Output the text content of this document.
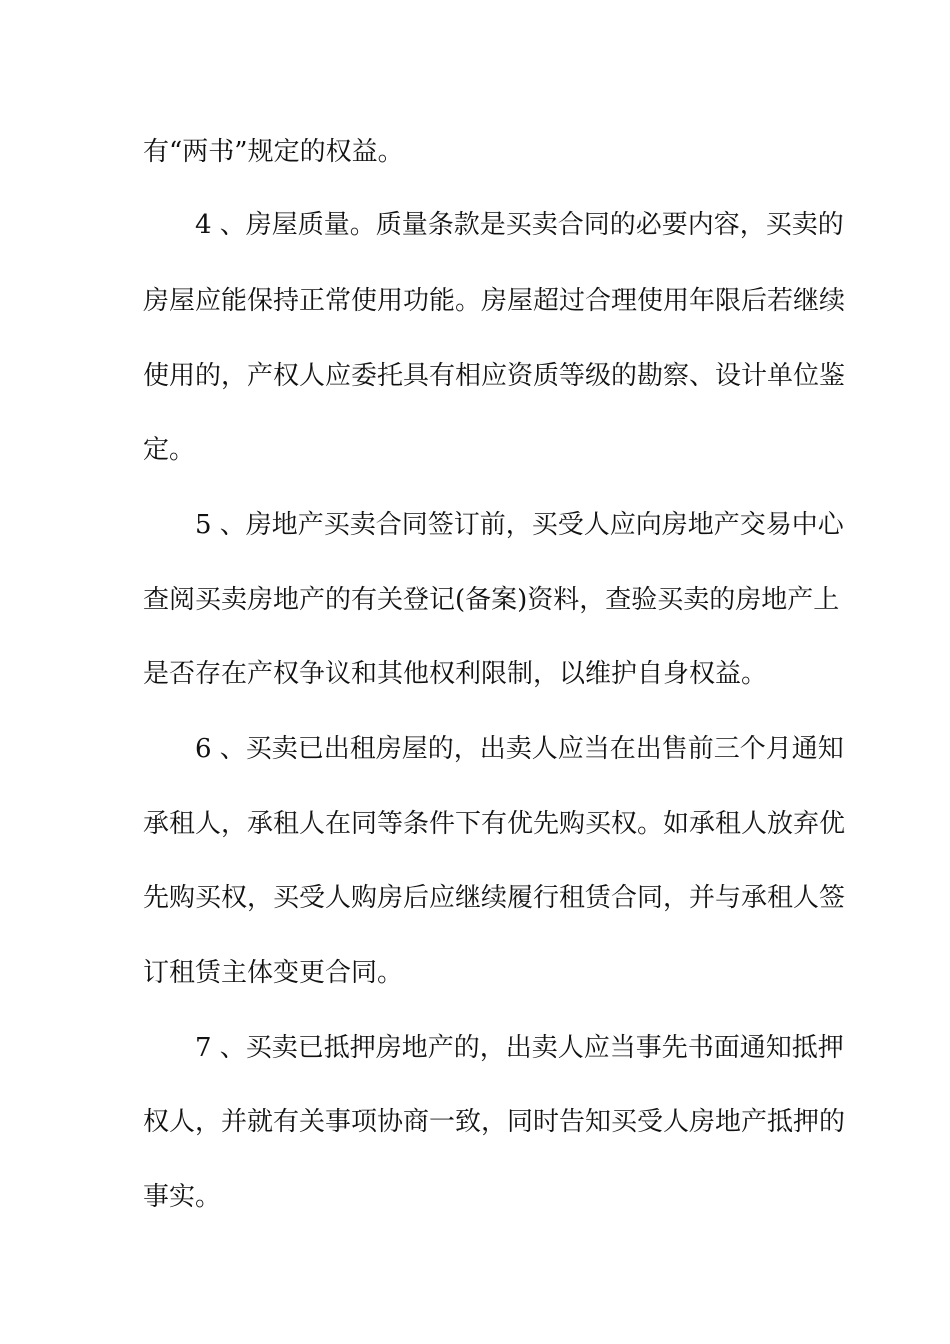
有“两书”规定的权益。
4 、房屋质量。质量条款是买卖合同的必要内容，买卖的
房屋应能保持正常使用功能。房屋超过合理使用年限后若继续
使用的，产权人应委托具有相应资质等级的勘察、设计单位鉴
定。
5 、房地产买卖合同签订前，买受人应向房地产交易中心
查阅买卖房地产的有关登记(备案)资料，查验买卖的房地产上
是否存在产权争议和其他权利限制，以维护自身权益。
6 、买卖已出租房屋的，出卖人应当在出售前三个月通知
承租人，承租人在同等条件下有优先购买权。如承租人放弃优
先购买权，买受人购房后应继续履行租赁合同，并与承租人签
订租赁主体变更合同。
7 、买卖已抵押房地产的，出卖人应当事先书面通知抵押
权人，并就有关事项协商一致，同时告知买受人房地产抵押的
事实。
